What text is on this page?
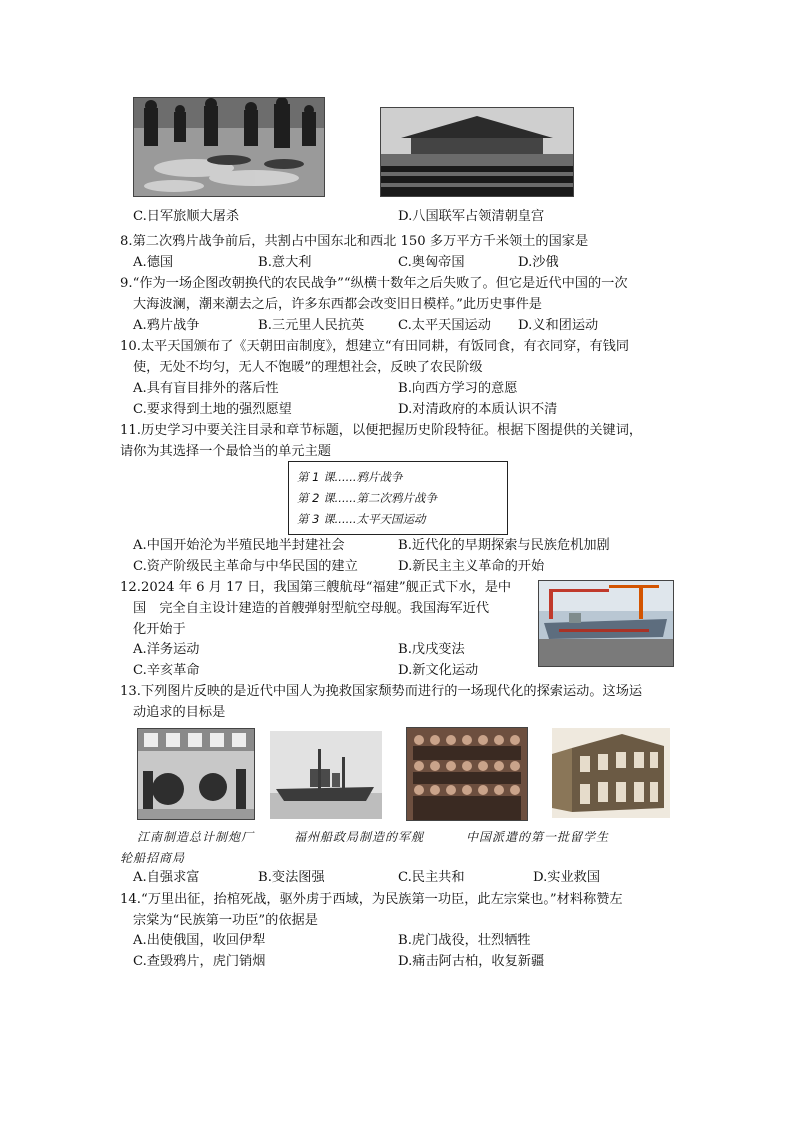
C.日军旅顺大屠杀	D.八国联军占领清朝皇宫
8.第二次鸦片战争前后，共割占中国东北和西北 150 多万平方千米领土的国家是
A.德国	B.意大利	C.奥匈帝国	D.沙俄
9.“作为一场企图改朝换代的农民战争”“纵横十数年之后失败了。但它是近代中国的一次
大海波澜，潮来潮去之后，许多东西都会改变旧日模样。”此历史事件是
A.鸦片战争	B.三元里人民抗英	C.太平天国运动 D.义和团运动
10.太平天国颁布了《天朝田亩制度》，想建立“有田同耕，有饭同食，有衣同穿，有钱同
使，无处不均匀，无人不饱暖”的理想社会，反映了农民阶级
A.具有盲目排外的落后性	B.向西方学习的意愿
C.要求得到土地的强烈愿望	D.对清政府的本质认识不清
11.历史学习中要关注目录和章节标题，以便把握历史阶段特征。根据下图提供的关键词，
请你为其选择一个最恰当的单元主题
第 1 课......鸦片战争
第 2 课......第二次鸦片战争
第 3 课......太平天国运动
A.中国开始沦为半殖民地半封建社会	B.近代化的早期探索与民族危机加剧
C.资产阶级民主革命与中华民国的建立	D.新民主主义革命的开始
12.2024 年 6 月 17 日，我国第三艘航母“福建”舰正式下水，是中
国　完全自主设计建造的首艘弹射型航空母舰。我国海军近代
化开始于
A.洋务运动	B.戊戌变法
C.辛亥革命	D.新文化运动
13.下列图片反映的是近代中国人为挽救国家颓势而进行的一场现代化的探索运动。这场运
动追求的目标是
江南制造总计制炮厂	福州船政局制造的军舰	中国派遣的第一批留学生
轮船招商局
A.自强求富	B.变法图强	C.民主共和	D.实业救国
14.“万里出征，抬棺死战，驱外虏于西域，为民族第一功臣，此左宗棠也。”材料称赞左
宗棠为“民族第一功臣”的依据是
A.出使俄国，收回伊犁	B.虎门战役，壮烈牺牲
C.查毁鸦片，虎门销烟	D.痛击阿古柏，收复新疆
